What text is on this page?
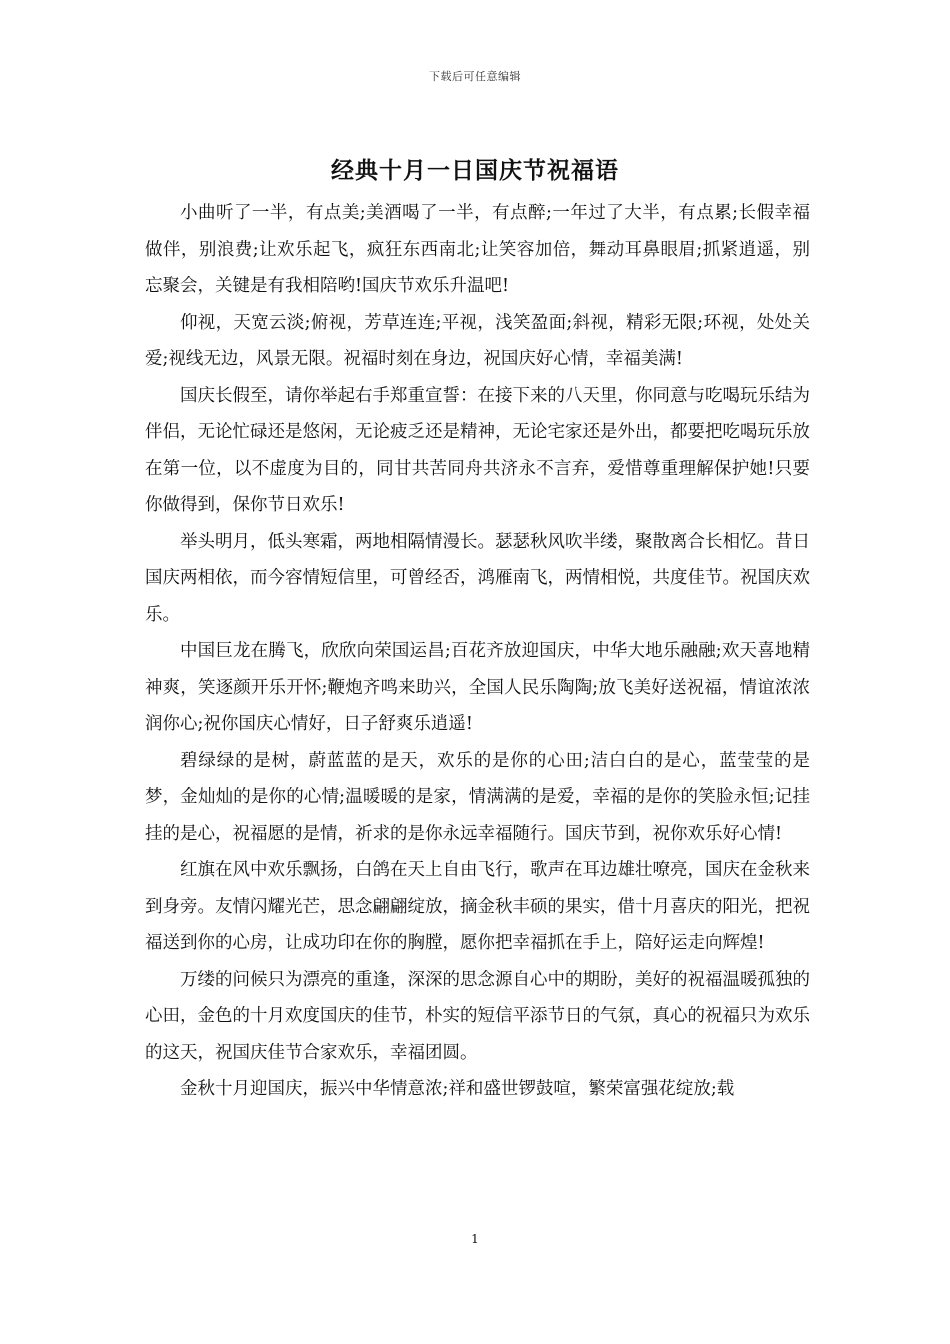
下载后可任意编辑
经典十月一日国庆节祝福语

小曲听了一半，有点美;美酒喝了一半，有点醉;一年过了大半，有点累;长假幸福做伴，别浪费;让欢乐起飞，疯狂东西南北;让笑容加倍，舞动耳鼻眼眉;抓紧逍遥，别忘聚会，关键是有我相陪哟!国庆节欢乐升温吧!

仰视，天宽云淡;俯视，芳草连连;平视，浅笑盈面;斜视，精彩无限;环视，处处关爱;视线无边，风景无限。祝福时刻在身边，祝国庆好心情，幸福美满!

国庆长假至，请你举起右手郑重宣誓：在接下来的八天里，你同意与吃喝玩乐结为伴侣，无论忙碌还是悠闲，无论疲乏还是精神，无论宅家还是外出，都要把吃喝玩乐放在第一位，以不虚度为目的，同甘共苦同舟共济永不言弃，爱惜尊重理解保护她!只要你做得到，保你节日欢乐!

举头明月，低头寒霜，两地相隔情漫长。瑟瑟秋风吹半缕，聚散离合长相忆。昔日国庆两相依，而今容情短信里，可曾经否，鸿雁南飞，两情相悦，共度佳节。祝国庆欢乐。

中国巨龙在腾飞，欣欣向荣国运昌;百花齐放迎国庆，中华大地乐融融;欢天喜地精神爽，笑逐颜开乐开怀;鞭炮齐鸣来助兴，全国人民乐陶陶;放飞美好送祝福，情谊浓浓润你心;祝你国庆心情好，日子舒爽乐逍遥!

碧绿绿的是树，蔚蓝蓝的是天，欢乐的是你的心田;洁白白的是心，蓝莹莹的是梦，金灿灿的是你的心情;温暖暖的是家，情满满的是爱，幸福的是你的笑脸永恒;记挂挂的是心，祝福愿的是情，祈求的是你永远幸福随行。国庆节到，祝你欢乐好心情!

红旗在风中欢乐飘扬，白鸽在天上自由飞行，歌声在耳边雄壮嘹亮，国庆在金秋来到身旁。友情闪耀光芒，思念翩翩绽放，摘金秋丰硕的果实，借十月喜庆的阳光，把祝福送到你的心房，让成功印在你的胸膛，愿你把幸福抓在手上，陪好运走向辉煌!

万缕的问候只为漂亮的重逢，深深的思念源自心中的期盼，美好的祝福温暖孤独的心田，金色的十月欢度国庆的佳节，朴实的短信平添节日的气氛，真心的祝福只为欢乐的这天，祝国庆佳节合家欢乐，幸福团圆。

金秋十月迎国庆，振兴中华情意浓;祥和盛世锣鼓喧，繁荣富强花绽放;载

1
